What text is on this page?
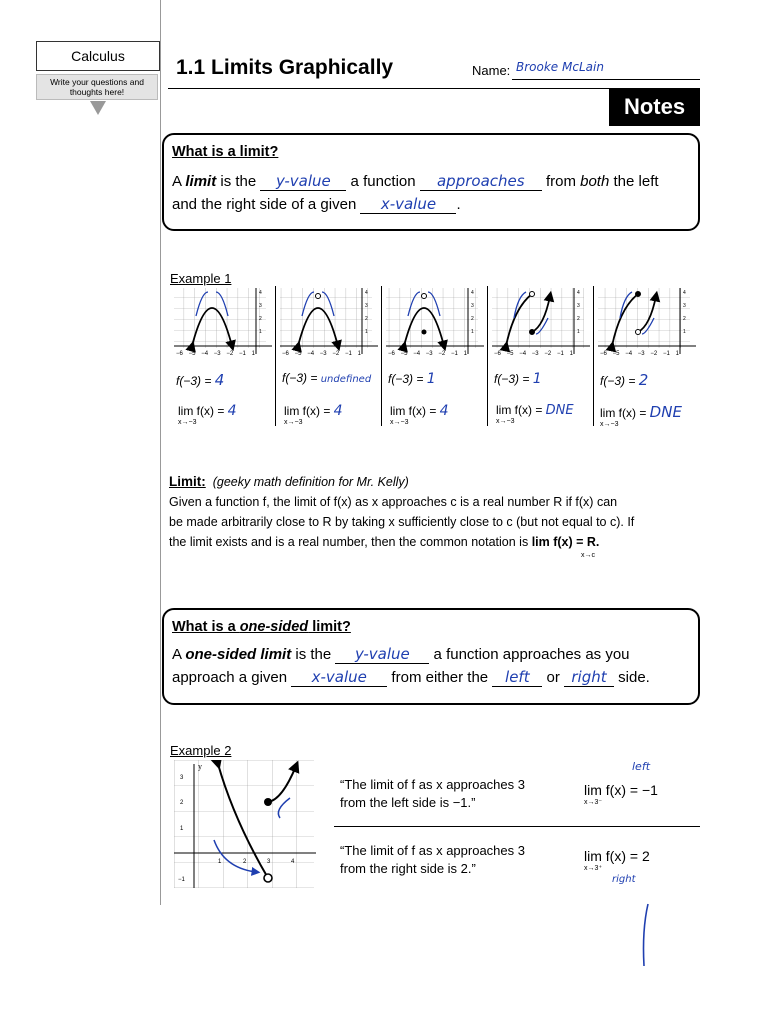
Calculus
Write your questions and thoughts here!
1.1 Limits Graphically	Name: Brooke McLain
Notes
What is a limit?
A limit is the y-value a function approaches from both the left
and the right side of a given x-value .
Example 1
−6 −5 −4 −3 −2 −1 1
4
3
2
1
−6 −5 −4 −3 −2 −1 1
4
3
2
1
−6 −5 −4 −3 −2 −1 1
4
3
2
1
−6 −5 −4 −3 −2 −1 1
4
3
2
1
−6 −5 −4 −3 −2 −1 1
4
3
2
1
f(−3) = 4	f(−3) = undefined f(−3) = 1	f(−3) = 1	f(−3) = 2
lim f(x) = 4
x→−3
lim f(x) = 4
x→−3
lim f(x) = 4
x→−3
lim f(x) = DNE
x→−3
lim f(x) = DNE
x→−3
Limit: (geeky math definition for Mr. Kelly)
Given a function f, the limit of f(x) as x approaches c is a real number R if f(x) can
be made arbitrarily close to R by taking x sufficiently close to c (but not equal to c). If
the limit exists and is a real number, then the common notation is lim f(x) = R.
x→c
What is a one-sided limit?
A one-sided limit is the y-value a function approaches as you
approach a given x-value from either the left or right side.
Example 2
“The limit of f as x approaches 3
from the left side is −1.”
“The limit of f as x approaches 3
from the right side is 2.”
lim f(x) = −1
x→3⁻
left
lim f(x) = 2
x→3⁺
right
y
1	2	3	4
3
2
1
−1
